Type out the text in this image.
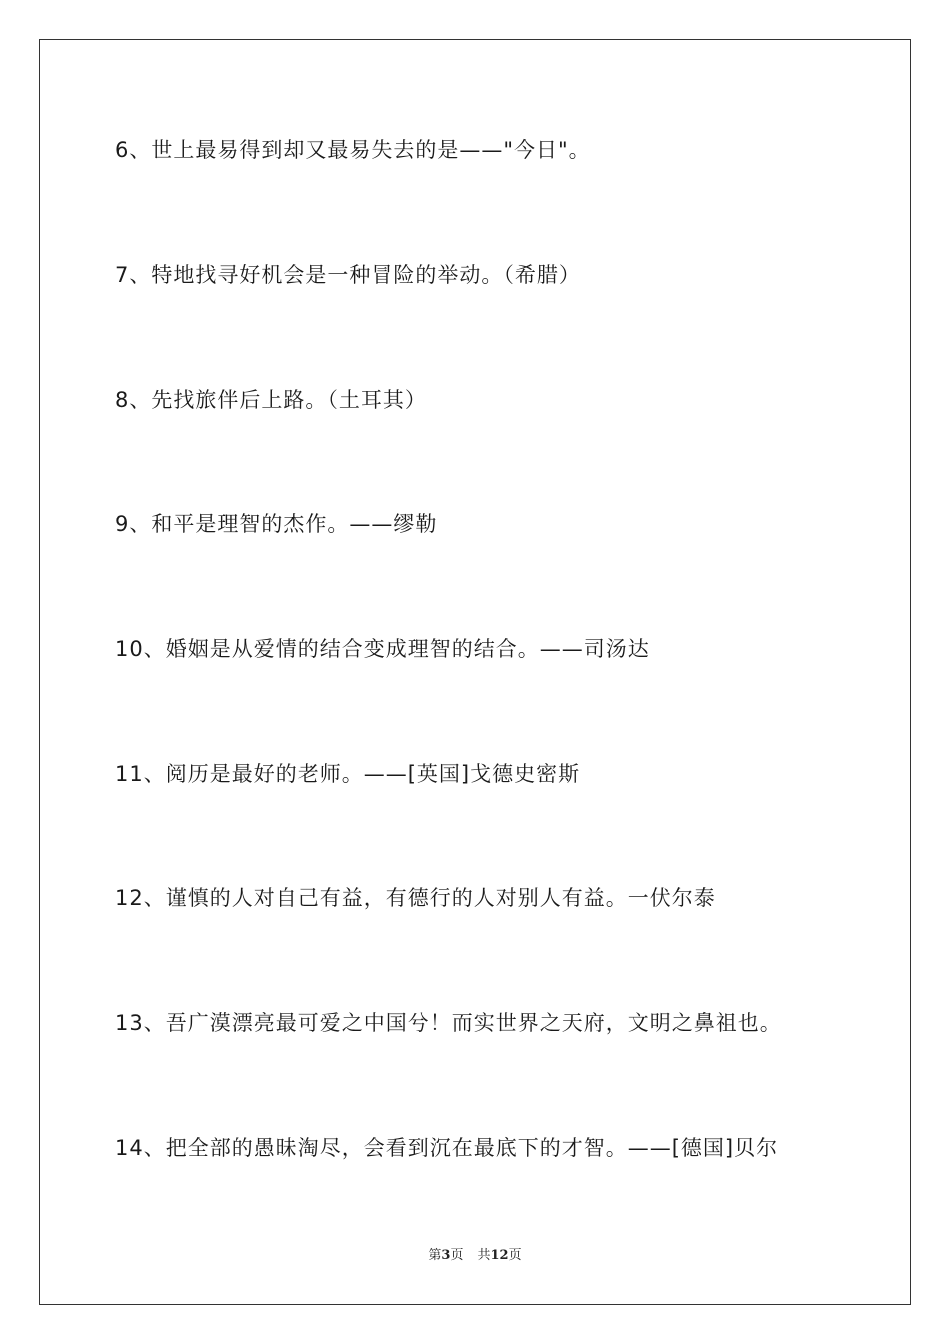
6、世上最易得到却又最易失去的是——"今日"。
7、特地找寻好机会是一种冒险的举动。（希腊）
8、先找旅伴后上路。（土耳其）
9、和平是理智的杰作。——缪勒
10、婚姻是从爱情的结合变成理智的结合。——司汤达
11、阅历是最好的老师。——[英国]戈德史密斯
12、谨慎的人对自己有益，有德行的人对别人有益。一伏尔泰
13、吾广漠漂亮最可爱之中国兮！而实世界之天府，文明之鼻祖也。
14、把全部的愚昧淘尽，会看到沉在最底下的才智。——[德国]贝尔
第3页 共12页
